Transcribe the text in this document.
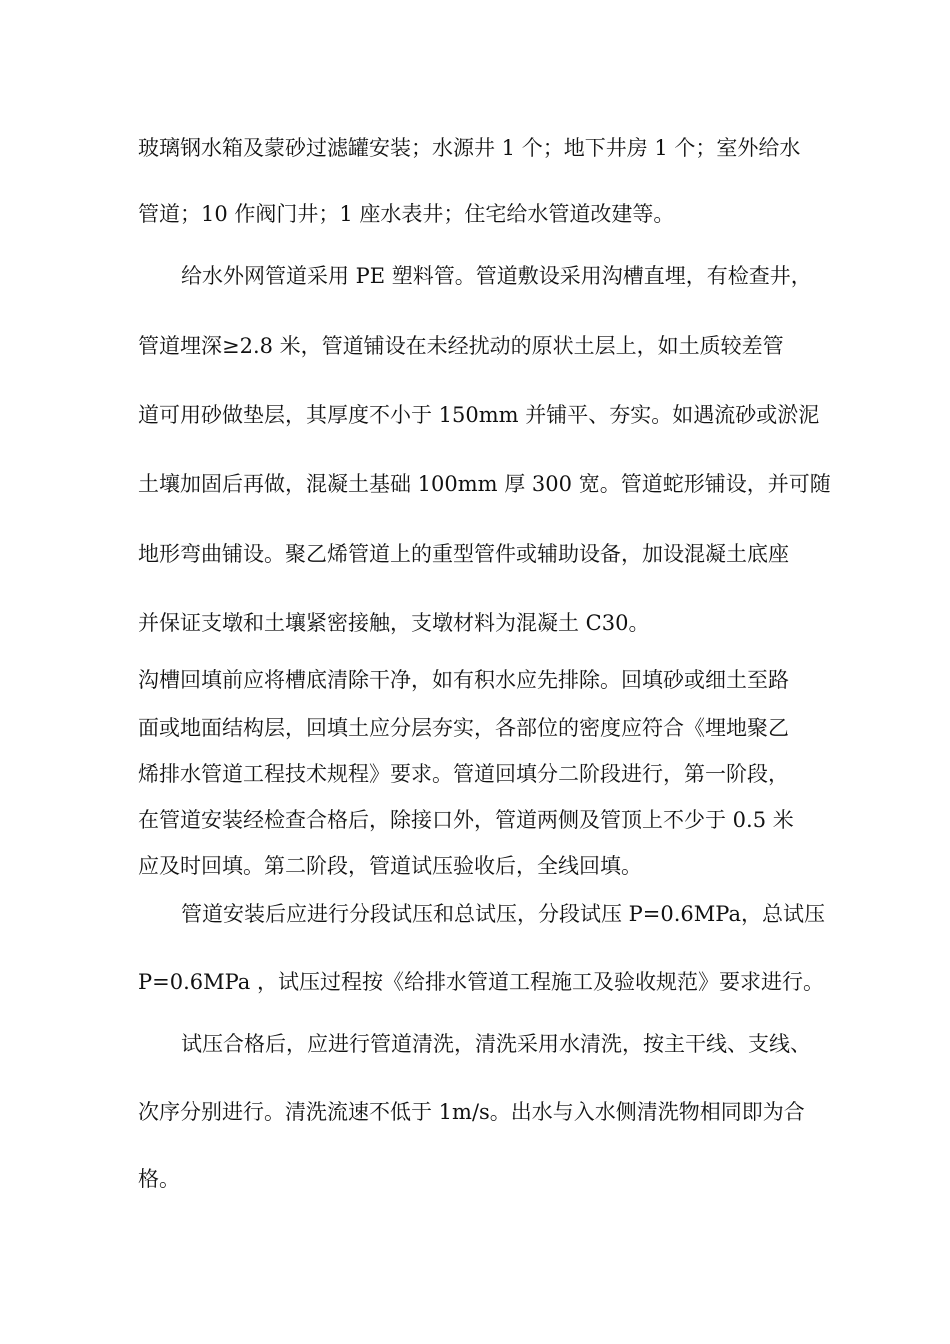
玻璃钢水箱及蒙砂过滤罐安装；水源井 1 个；地下井房 1 个；室外给水
管道；10 作阀门井；1 座水表井；住宅给水管道改建等。
给水外网管道采用 PE 塑料管。管道敷设采用沟槽直埋，有检查井，
管道埋深≥2.8 米，管道铺设在未经扰动的原状土层上，如土质较差管
道可用砂做垫层，其厚度不小于 150mm 并铺平、夯实。如遇流砂或淤泥
土壤加固后再做，混凝土基础 100mm 厚 300 宽。管道蛇形铺设，并可随
地形弯曲铺设。聚乙烯管道上的重型管件或辅助设备，加设混凝土底座
并保证支墩和土壤紧密接触，支墩材料为混凝土 C30。
沟槽回填前应将槽底清除干净，如有积水应先排除。回填砂或细土至路
面或地面结构层，回填土应分层夯实，各部位的密度应符合《埋地聚乙
烯排水管道工程技术规程》要求。管道回填分二阶段进行，第一阶段，
在管道安装经检查合格后，除接口外，管道两侧及管顶上不少于 0.5 米
应及时回填。第二阶段，管道试压验收后，全线回填。
管道安装后应进行分段试压和总试压，分段试压 P=0.6MPa，总试压
P=0.6MPa ，试压过程按《给排水管道工程施工及验收规范》要求进行。
试压合格后，应进行管道清洗，清洗采用水清洗，按主干线、支线、
次序分别进行。清洗流速不低于 1m/s。出水与入水侧清洗物相同即为合
格。
